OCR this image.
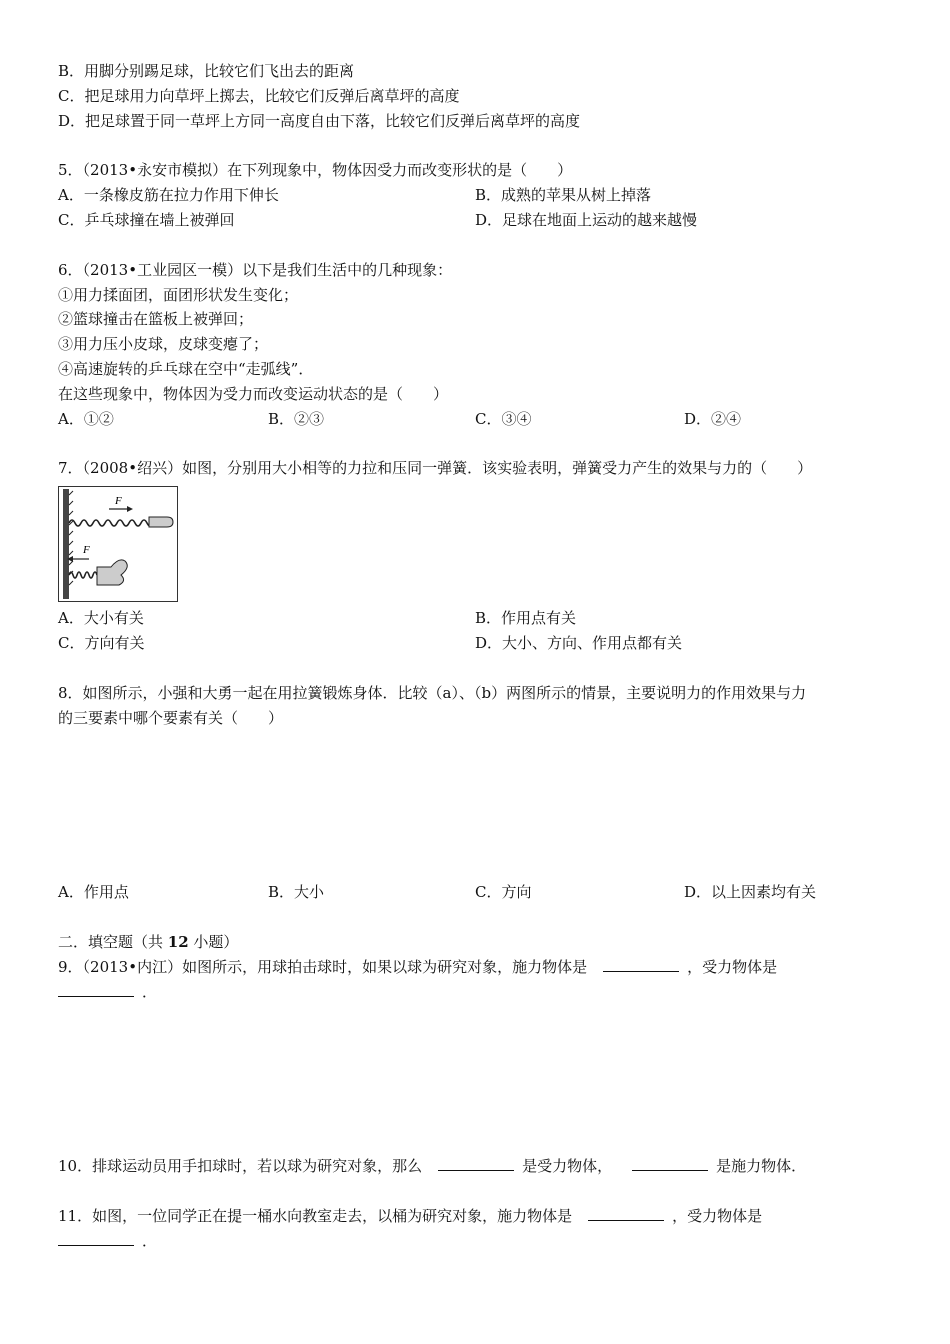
B．用脚分别踢足球，比较它们飞出去的距离
C．把足球用力向草坪上掷去，比较它们反弹后离草坪的高度
D．把足球置于同一草坪上方同一高度自由下落，比较它们反弹后离草坪的高度
5．（2013•永安市模拟）在下列现象中，物体因受力而改变形状的是（　　）
A．一条橡皮筋在拉力作用下伸长	B．成熟的苹果从树上掉落
C．乒乓球撞在墙上被弹回	D．足球在地面上运动的越来越慢
6．（2013•工业园区一模）以下是我们生活中的几种现象：
①用力揉面团，面团形状发生变化；
②篮球撞击在篮板上被弹回；
③用力压小皮球，皮球变瘪了；
④高速旋转的乒乓球在空中“走弧线”．
在这些现象中，物体因为受力而改变运动状态的是（　　）
A．①②	B．②③	C．③④	D．②④
7．（2008•绍兴）如图，分别用大小相等的力拉和压同一弹簧．该实验表明，弹簧受力产生的效果与力的（　　）
F
F
A．大小有关	B．作用点有关
C．方向有关	D．大小、方向、作用点都有关
8．如图所示，小强和大勇一起在用拉簧锻炼身体．比较（a）、（b）两图所示的情景，主要说明力的作用效果与力
的三要素中哪个要素有关（　　）
A．作用点	B．大小	C．方向	D．以上因素均有关
二．填空题（共 12 小题）
9．（2013•内江）如图所示，用球拍击球时，如果以球为研究对象，施力物体是	，受力物体是
．
10．排球运动员用手扣球时，若以球为研究对象，那么	是受力物体，	是施力物体．
11．如图，一位同学正在提一桶水向教室走去，以桶为研究对象，施力物体是	，受力物体是
．
